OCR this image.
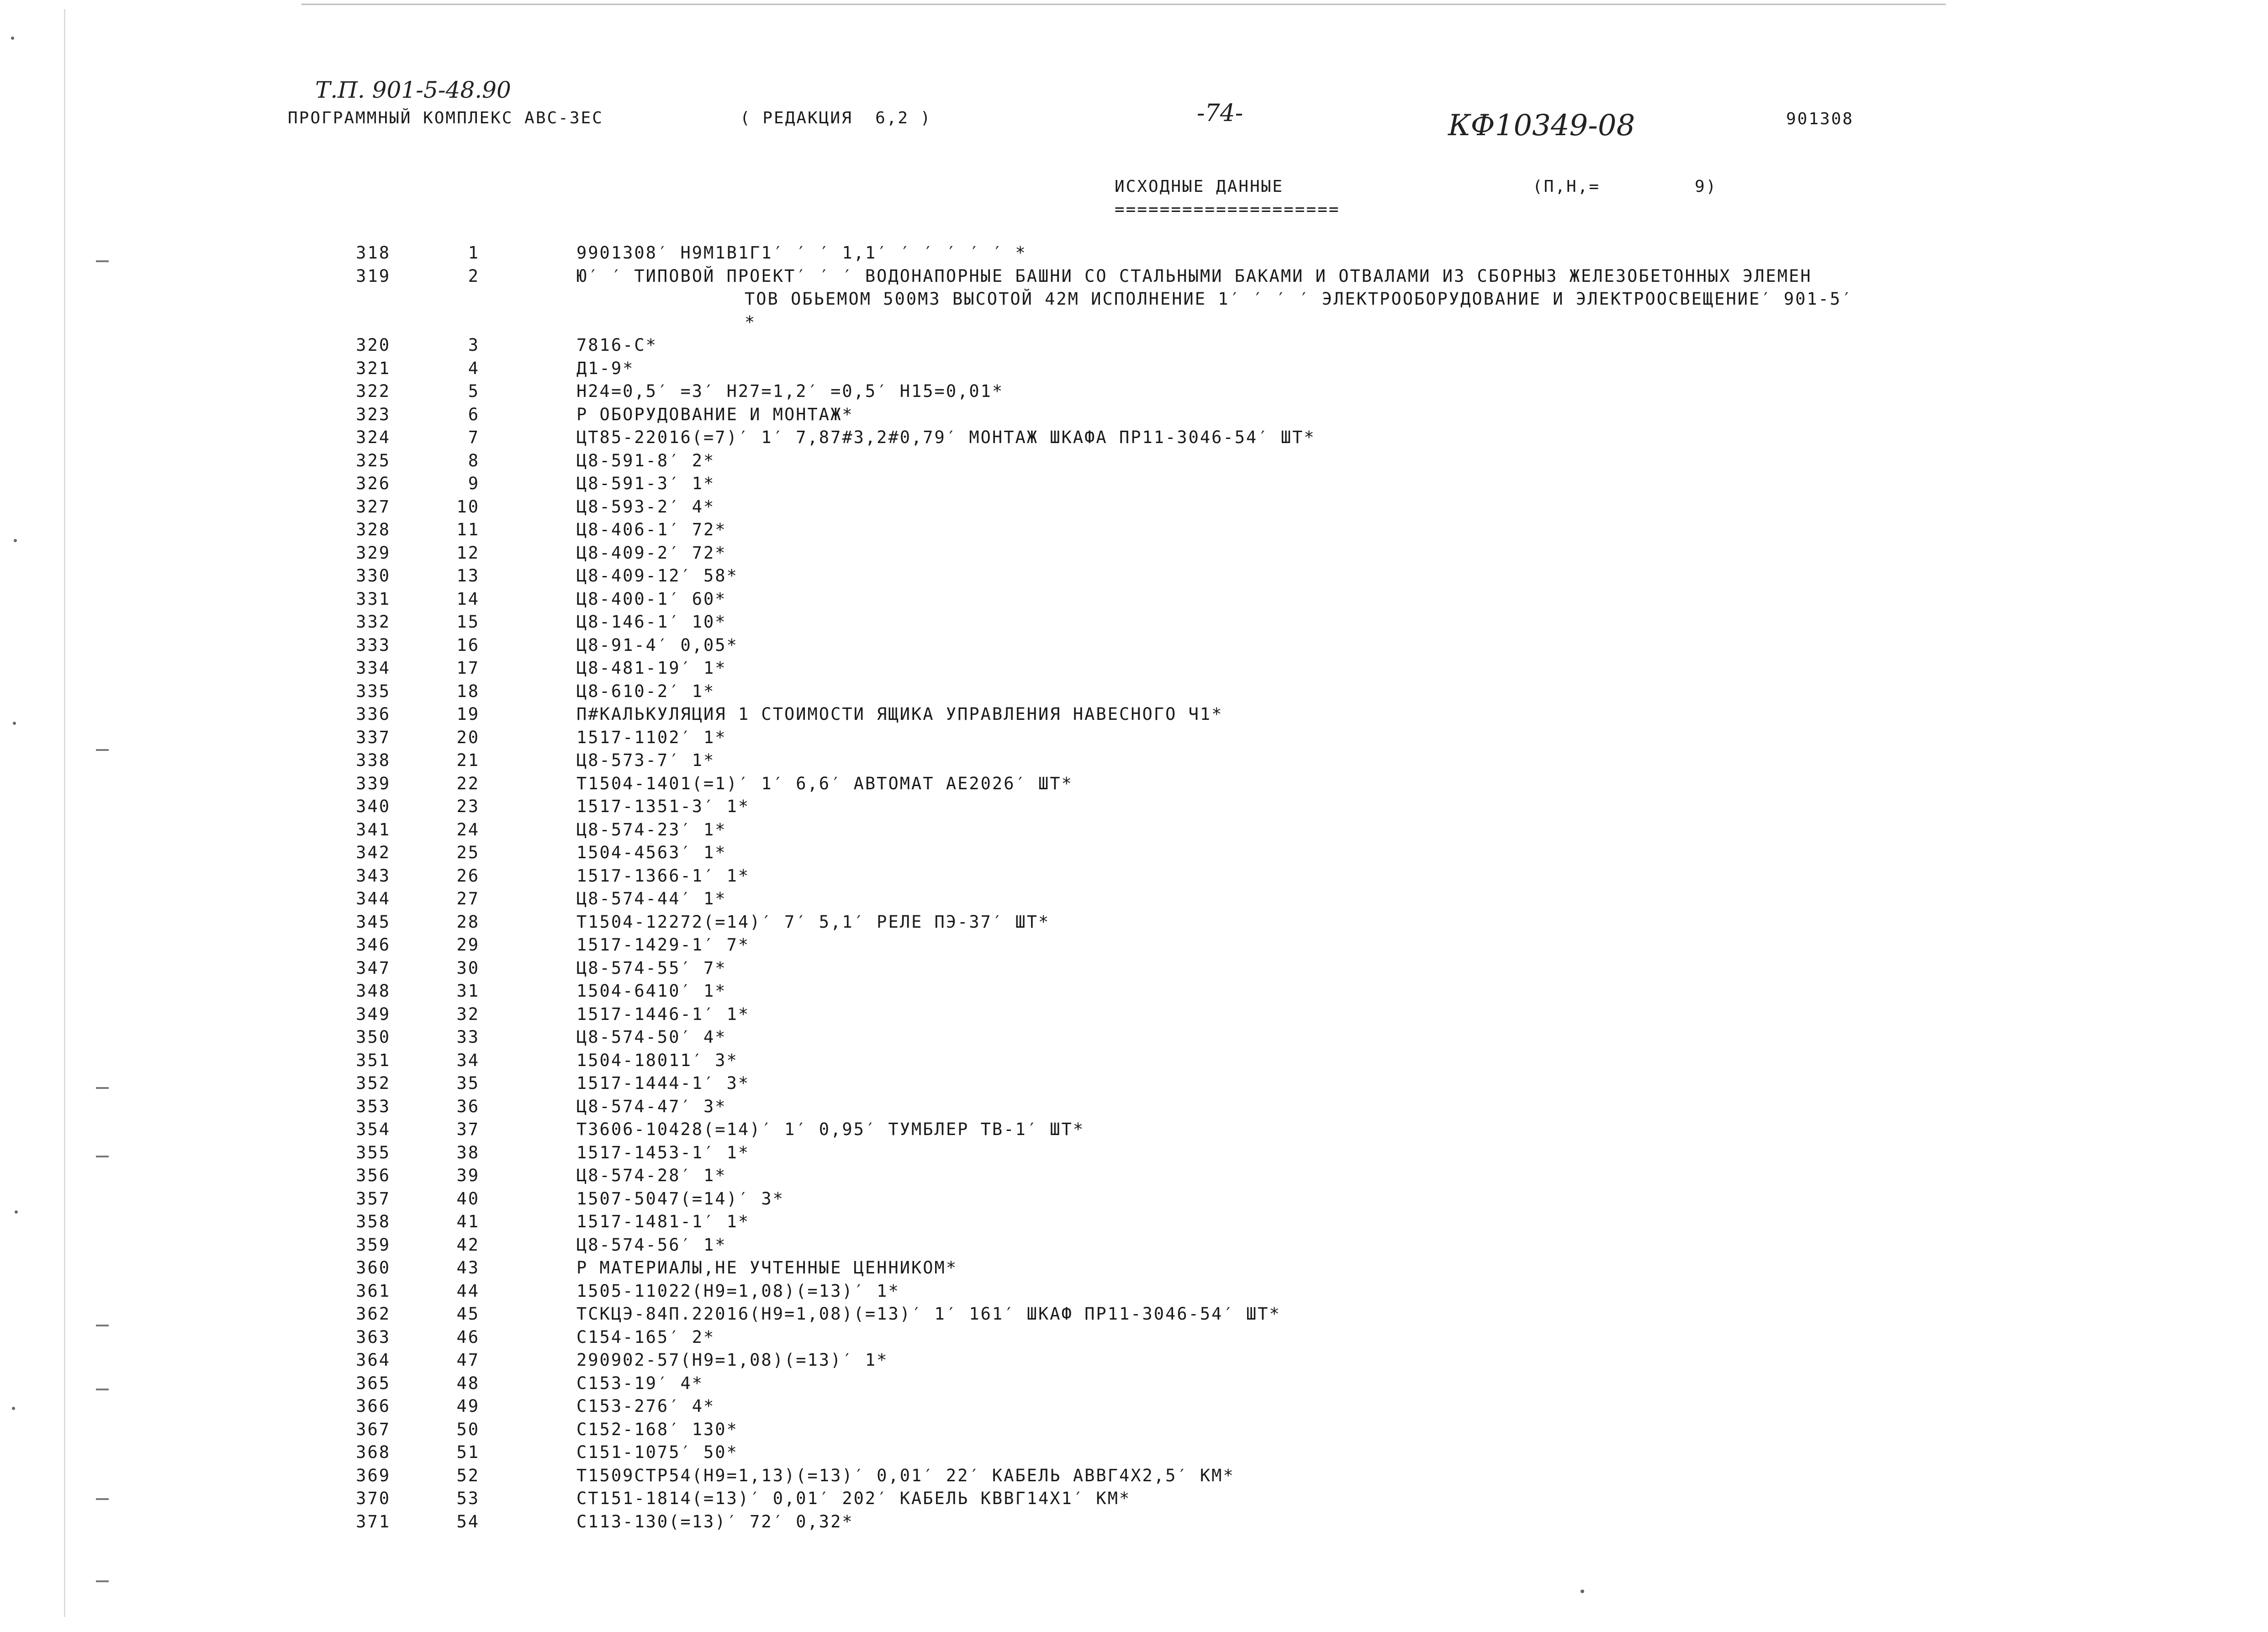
Т.П. 901-5-48.90
-74-	КФ10349-08
ПРОГРАММНЫЙ КОМПЛЕКС АВС-3ЕС	( РЕДАКЦИЯ  6,2 )	901308
ИСХОДНЫЕ ДАННЫЕ
====================
(П,Н,=	9)
318	1	9901308′ Н9М1В1Г1′ ′ ′ 1,1′ ′ ′ ′ ′ ′ *
319	2	Ю′ ′ ТИПОВОЙ ПРОЕКТ′ ′ ′ ВОДОНАПОРНЫЕ БАШНИ СО СТАЛЬНЫМИ БАКАМИ И ОТВАЛАМИ ИЗ СБОРНЫЗ ЖЕЛЕЗОБЕТОННЫХ ЭЛЕМЕН
ТОВ ОБЬЕМОМ 500М3 ВЫСОТОЙ 42М ИСПОЛНЕНИЕ 1′ ′ ′ ′ ЭЛЕКТРООБОРУДОВАНИЕ И ЭЛЕКТРООСВЕЩЕНИЕ′ 901-5′
*
320	3	7816-С*
321	4	Д1-9*
322	5	Н24=0,5′ =3′ Н27=1,2′ =0,5′ Н15=0,01*
323	6	Р ОБОРУДОВАНИЕ И МОНТАЖ*
324	7	ЦТ85-22016(=7)′ 1′ 7,87#3,2#0,79′ МОНТАЖ ШКАФА ПР11-3046-54′ ШТ*
325	8	Ц8-591-8′ 2*
326	9	Ц8-591-3′ 1*
327	10	Ц8-593-2′ 4*
328	11	Ц8-406-1′ 72*
329	12	Ц8-409-2′ 72*
330	13	Ц8-409-12′ 58*
331	14	Ц8-400-1′ 60*
332	15	Ц8-146-1′ 10*
333	16	Ц8-91-4′ 0,05*
334	17	Ц8-481-19′ 1*
335	18	Ц8-610-2′ 1*
336	19	П#КАЛЬКУЛЯЦИЯ 1 СТОИМОСТИ ЯЩИКА УПРАВЛЕНИЯ НАВЕСНОГО Ч1*
337	20	1517-1102′ 1*
338	21	Ц8-573-7′ 1*
339	22	Т1504-1401(=1)′ 1′ 6,6′ АВТОМАТ АЕ2026′ ШТ*
340	23	1517-1351-3′ 1*
341	24	Ц8-574-23′ 1*
342	25	1504-4563′ 1*
343	26	1517-1366-1′ 1*
344	27	Ц8-574-44′ 1*
345	28	Т1504-12272(=14)′ 7′ 5,1′ РЕЛЕ ПЭ-37′ ШТ*
346	29	1517-1429-1′ 7*
347	30	Ц8-574-55′ 7*
348	31	1504-6410′ 1*
349	32	1517-1446-1′ 1*
350	33	Ц8-574-50′ 4*
351	34	1504-18011′ 3*
352	35	1517-1444-1′ 3*
353	36	Ц8-574-47′ 3*
354	37	Т3606-10428(=14)′ 1′ 0,95′ ТУМБЛЕР ТВ-1′ ШТ*
355	38	1517-1453-1′ 1*
356	39	Ц8-574-28′ 1*
357	40	1507-5047(=14)′ 3*
358	41	1517-1481-1′ 1*
359	42	Ц8-574-56′ 1*
360	43	Р МАТЕРИАЛЫ,НЕ УЧТЕННЫЕ ЦЕННИКОМ*
361	44	1505-11022(Н9=1,08)(=13)′ 1*
362	45	ТСКЦЭ-84П.22016(Н9=1,08)(=13)′ 1′ 161′ ШКАФ ПР11-3046-54′ ШТ*
363	46	С154-165′ 2*
364	47	290902-57(Н9=1,08)(=13)′ 1*
365	48	С153-19′ 4*
366	49	С153-276′ 4*
367	50	С152-168′ 130*
368	51	С151-1075′ 50*
369	52	Т1509СТР54(Н9=1,13)(=13)′ 0,01′ 22′ КАБЕЛЬ АВВГ4Х2,5′ КМ*
370	53	СТ151-1814(=13)′ 0,01′ 202′ КАБЕЛЬ КВВГ14Х1′ КМ*
371	54	С113-130(=13)′ 72′ 0,32*
